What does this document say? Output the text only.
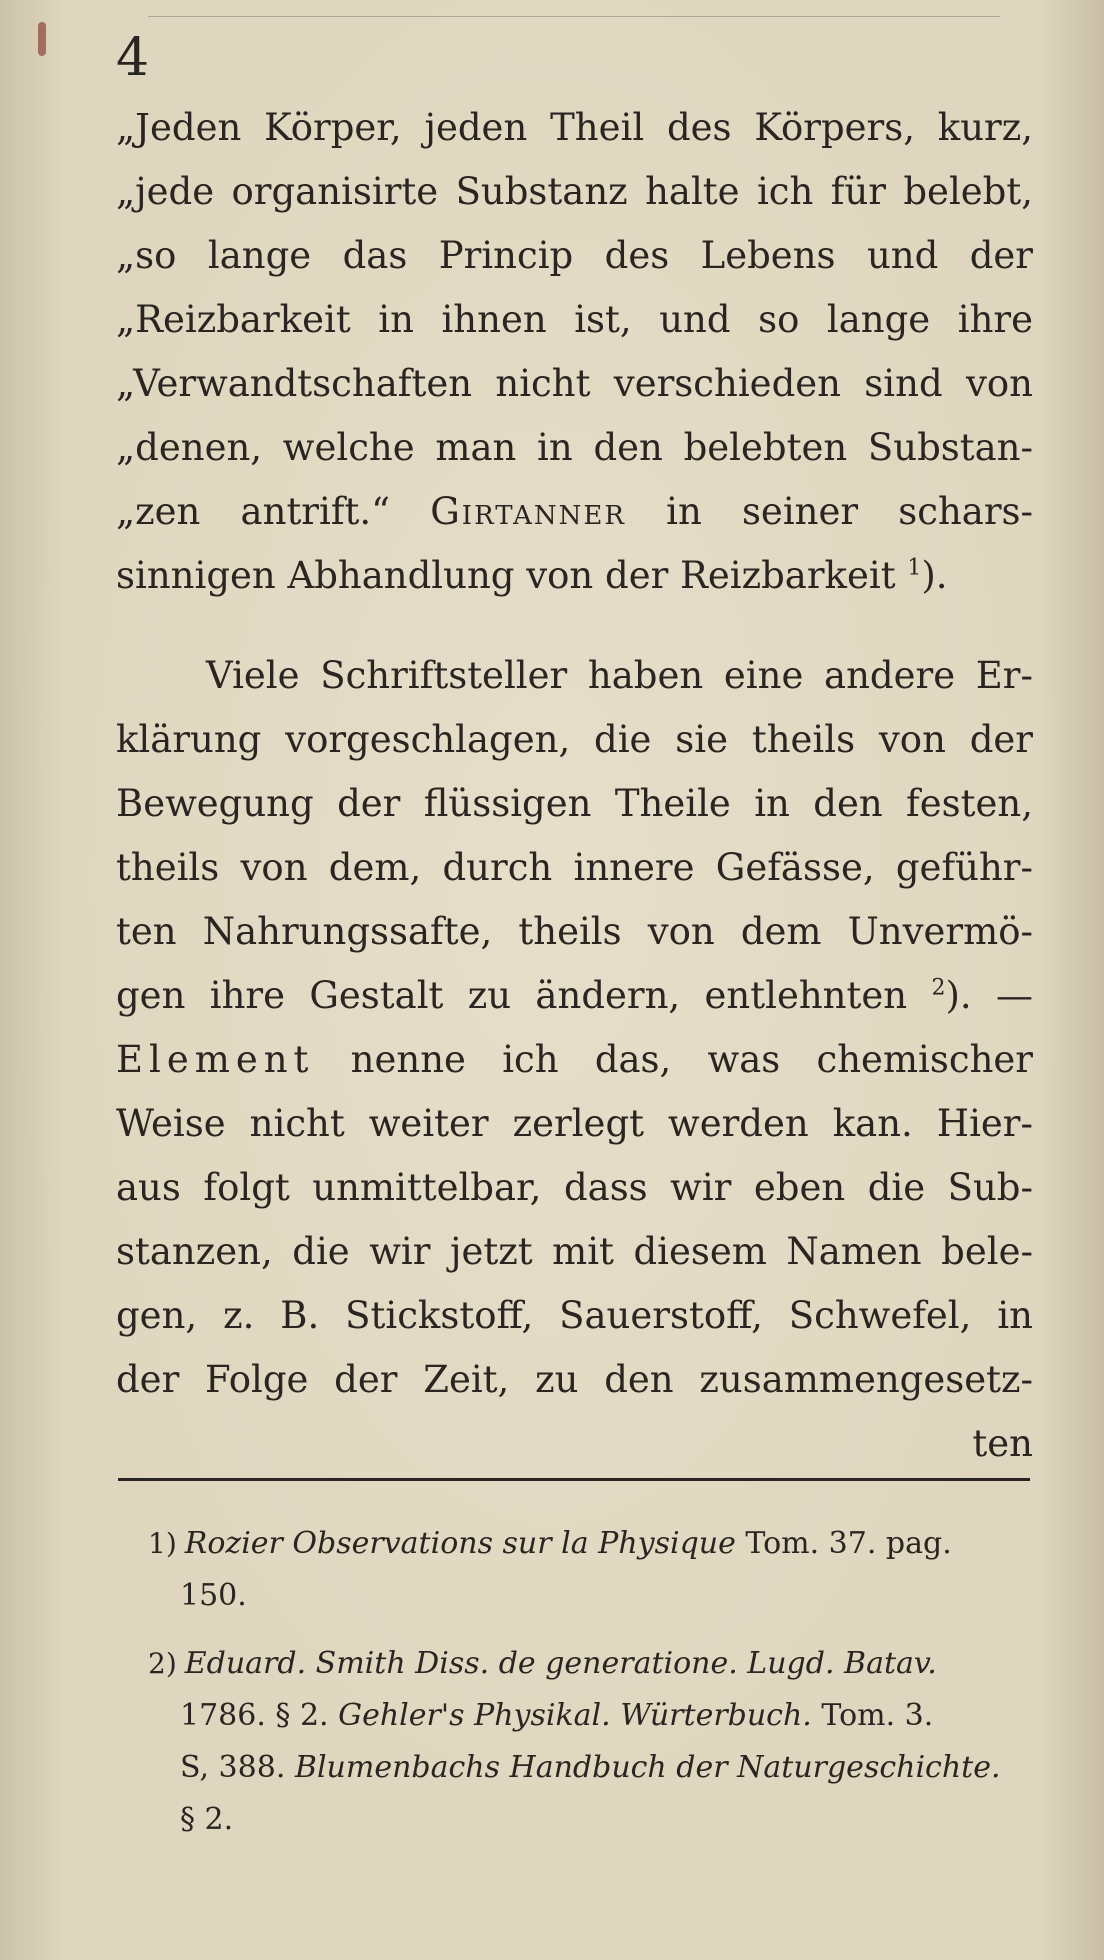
4

„Jeden Körper, jeden Theil des Körpers, kurz,
„jede organisirte Substanz halte ich für belebt,
„so lange das Princip des Lebens und der
„Reizbarkeit in ihnen ist, und so lange ihre
„Verwandtschaften nicht verschieden sind von
„denen, welche man in den belebten Substan-
„zen antrift.“ Girtanner in seiner schars-
sinnigen Abhandlung von der Reizbarkeit $^1$).
Viele Schriftsteller haben eine andere Er-
klärung vorgeschlagen, die sie theils von der
Bewegung der flüssigen Theile in den festen,
theils von dem, durch innere Gefässe, geführ-
ten Nahrungssafte, theils von dem Unvermö-
gen ihre Gestalt zu ändern, entlehnten $^2$). —
Element nenne ich das, was chemischer
Weise nicht weiter zerlegt werden kan. Hier-
aus folgt unmittelbar, dass wir eben die Sub-
stanzen, die wir jetzt mit diesem Namen bele-
gen, z. B. Stickstoff, Sauerstoff, Schwefel, in
der Folge der Zeit, zu den zusammengesetz-
ten
1) Rozier Observations sur la Physique Tom. 37. pag.
150.
2) Eduard. Smith Diss. de generatione. Lugd. Batav.
1786. § 2. Gehler's Physikal. Würterbuch. Tom. 3.
S, 388. Blumenbachs Handbuch der Naturgeschichte.
§ 2.
